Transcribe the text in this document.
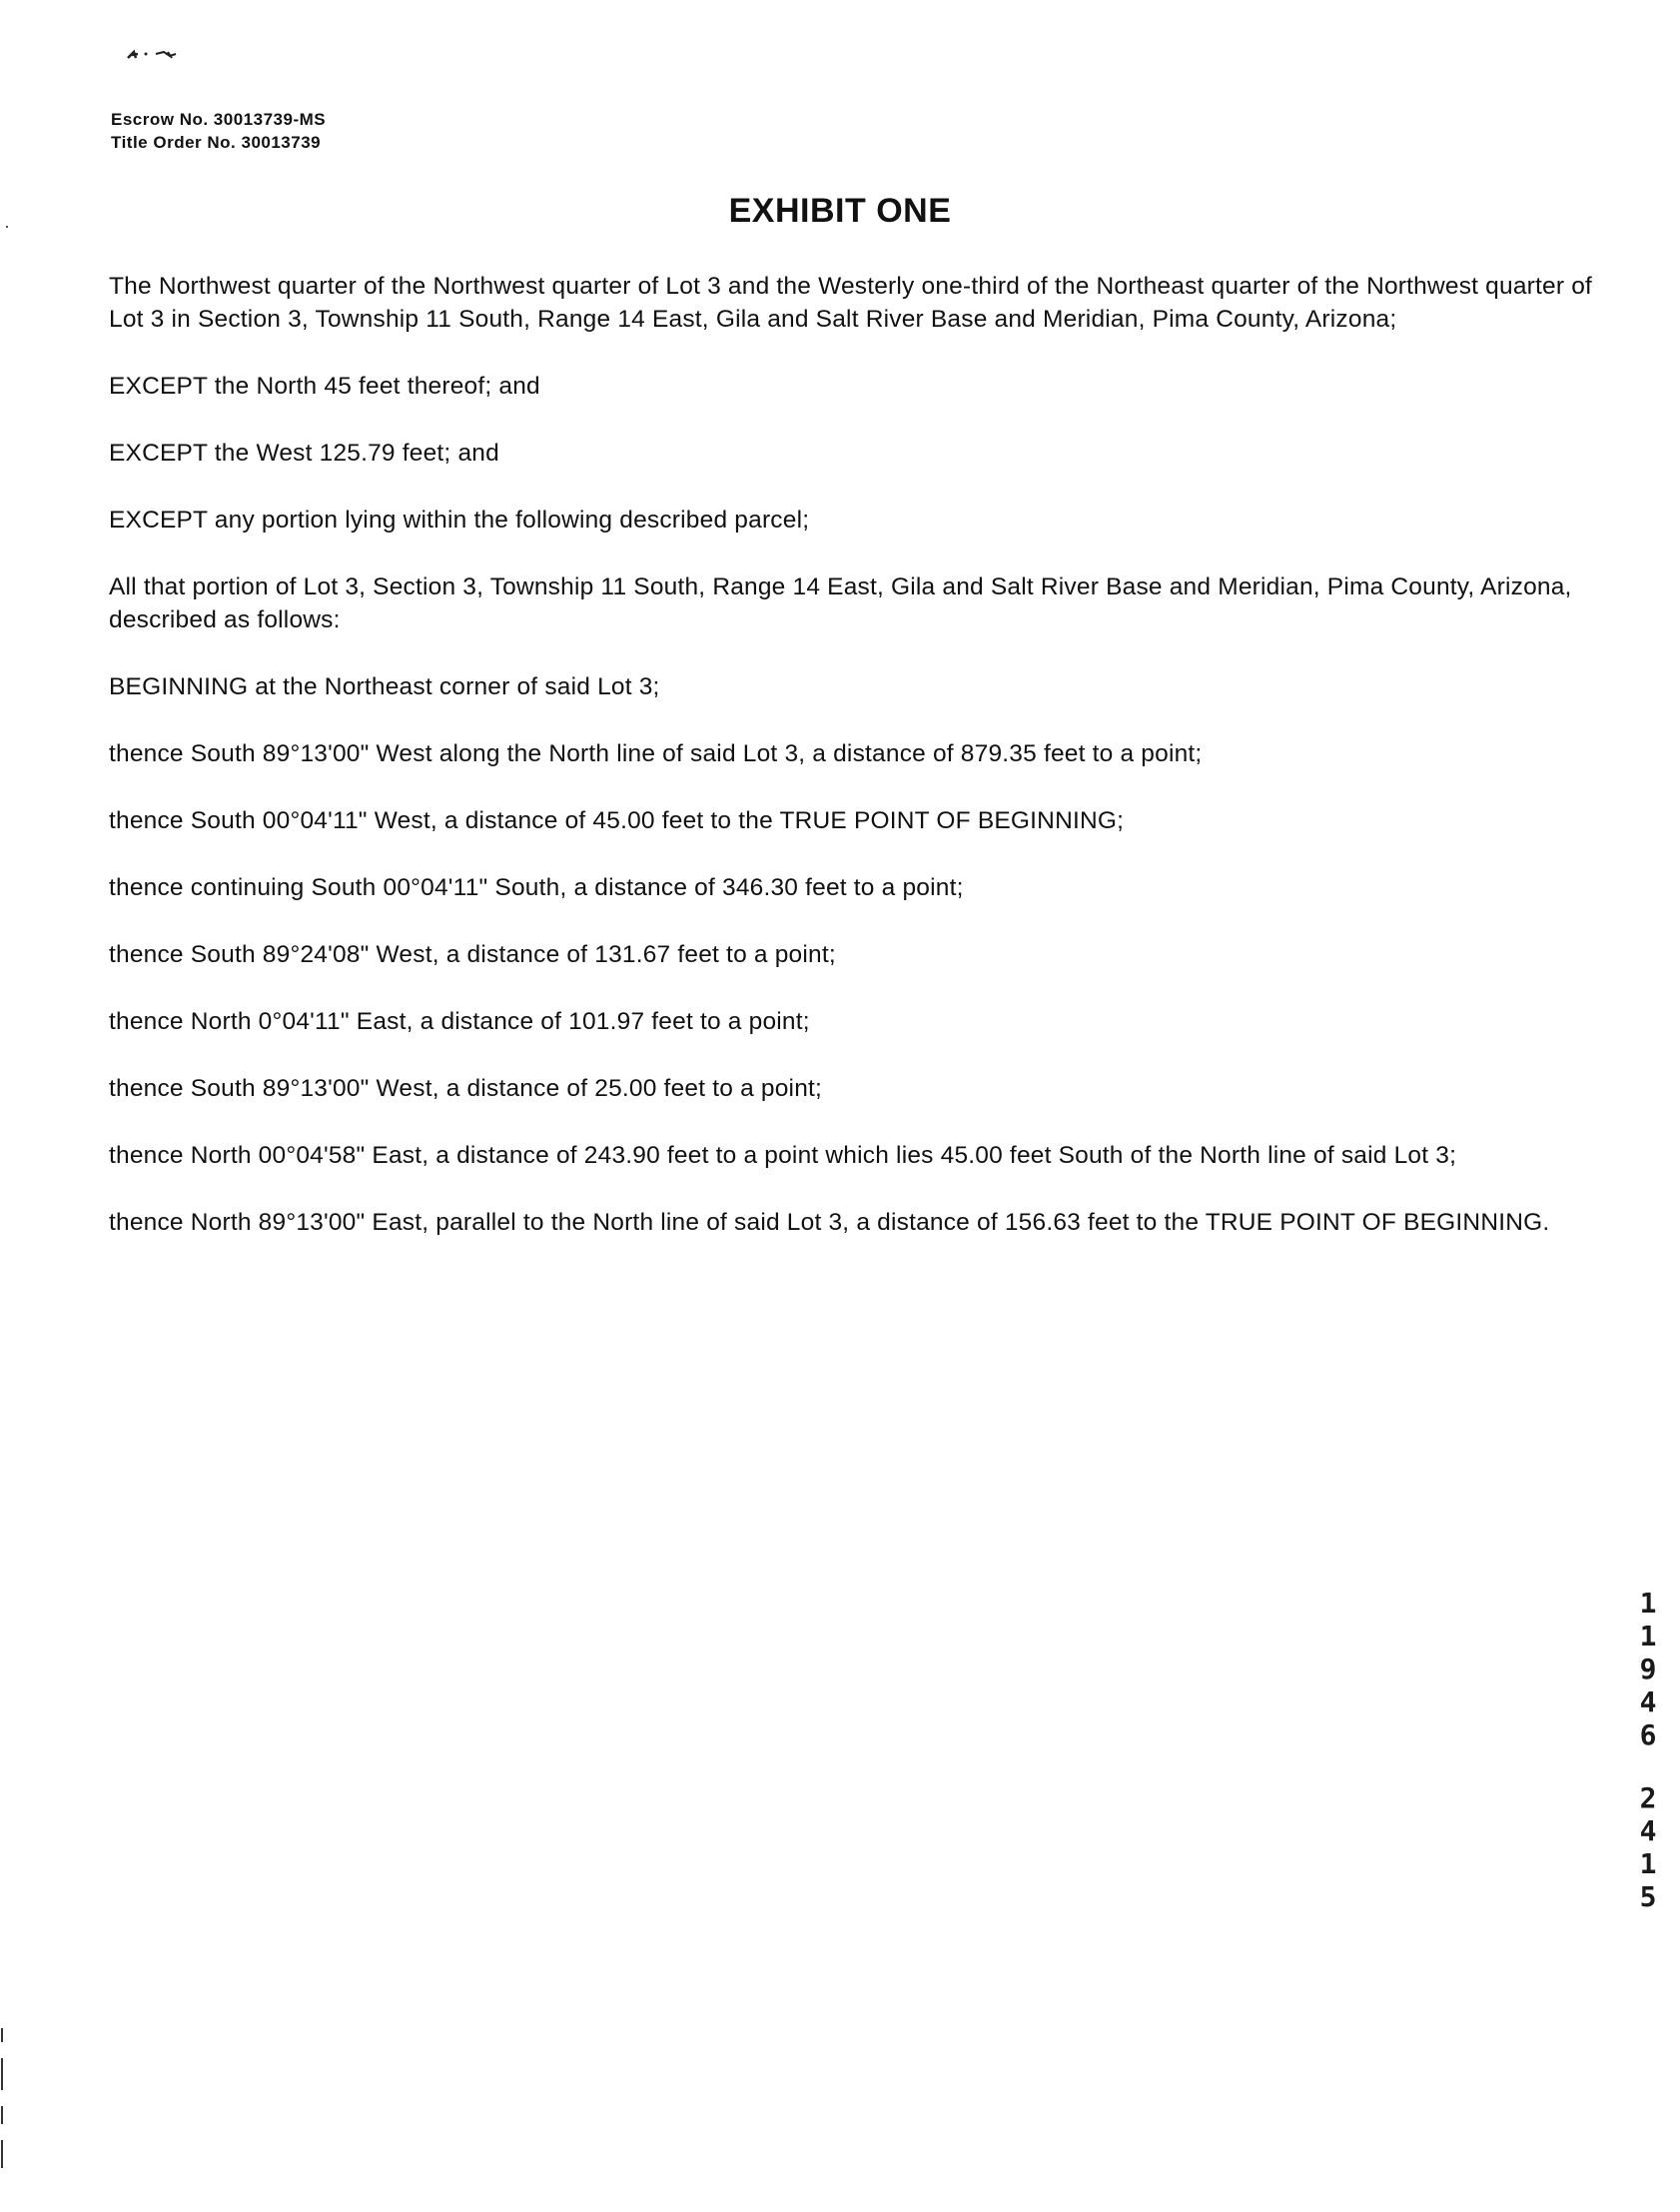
Escrow No. 30013739-MS
Title Order No. 30013739
EXHIBIT ONE

The Northwest quarter of the Northwest quarter of Lot 3 and the Westerly one-third of the Northeast quarter of the Northwest quarter of Lot 3 in Section 3, Township 11 South, Range 14 East, Gila and Salt River Base and Meridian, Pima County, Arizona;

EXCEPT the North 45 feet thereof; and

EXCEPT the West 125.79 feet; and

EXCEPT any portion lying within the following described parcel;

All that portion of Lot 3, Section 3, Township 11 South, Range 14 East, Gila and Salt River Base and Meridian, Pima County, Arizona, described as follows:

BEGINNING at the Northeast corner of said Lot 3;

thence South 89°13'00" West along the North line of said Lot 3, a distance of 879.35 feet to a point;

thence South 00°04'11" West, a distance of 45.00 feet to the TRUE POINT OF BEGINNING;

thence continuing South 00°04'11" South, a distance of 346.30 feet to a point;

thence South 89°24'08" West, a distance of 131.67 feet to a point;

thence North 0°04'11" East, a distance of 101.97 feet to a point;

thence South 89°13'00" West, a distance of 25.00 feet to a point;

thence North 00°04'58" East, a distance of 243.90 feet to a point which lies 45.00 feet South of the North line of said Lot 3;

thence North 89°13'00" East, parallel to the North line of said Lot 3, a distance of 156.63 feet to the TRUE POINT OF BEGINNING.

1
1
9
4
6
2
4
1
5
